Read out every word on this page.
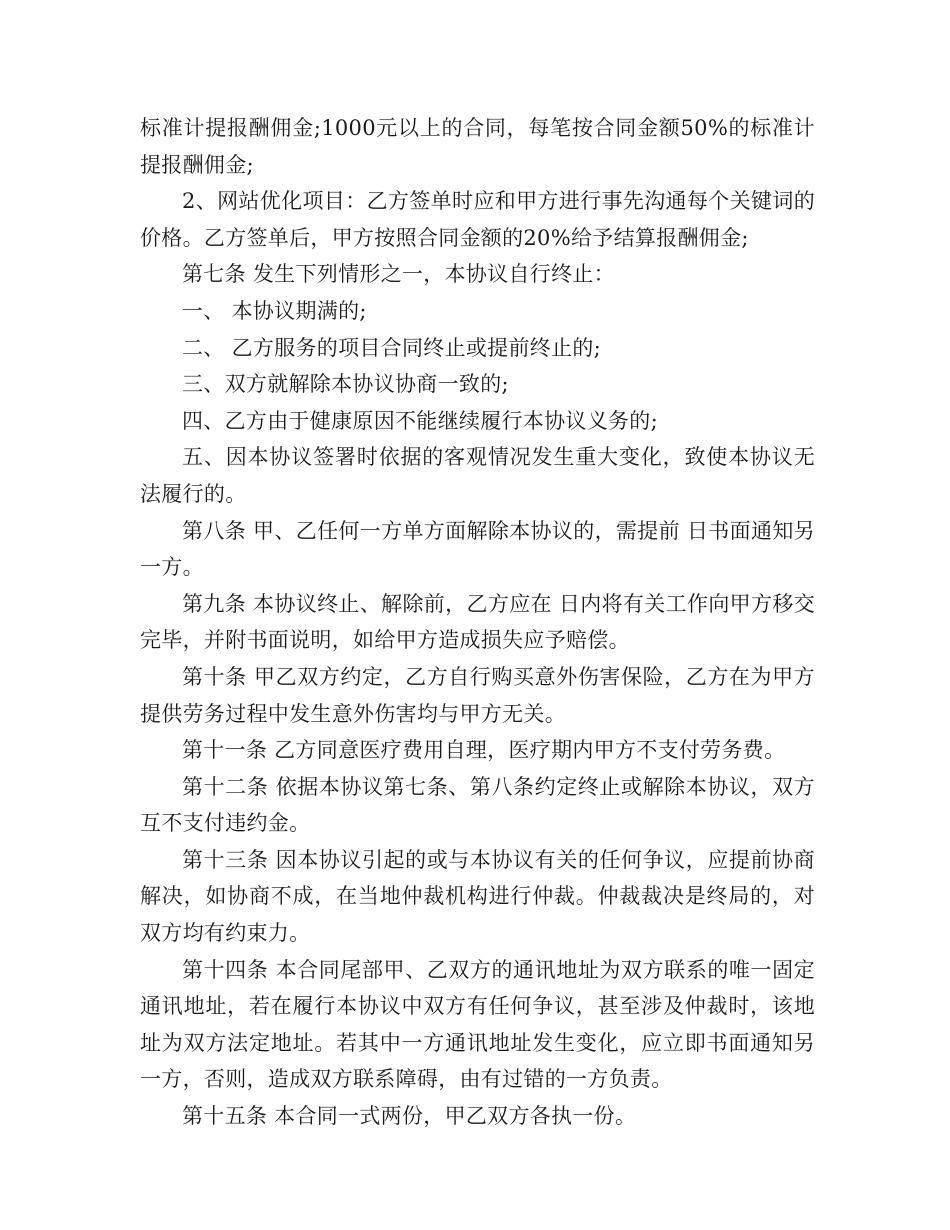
标准计提报酬佣金;1000元以上的合同，每笔按合同金额50%的标准计提报酬佣金;

2、网站优化项目：乙方签单时应和甲方进行事先沟通每个关键词的价格。乙方签单后，甲方按照合同金额的20%给予结算报酬佣金;

第七条 发生下列情形之一，本协议自行终止：

一、 本协议期满的;

二、 乙方服务的项目合同终止或提前终止的;

三、双方就解除本协议协商一致的;

四、乙方由于健康原因不能继续履行本协议义务的;

五、因本协议签署时依据的客观情况发生重大变化，致使本协议无法履行的。

第八条 甲、乙任何一方单方面解除本协议的，需提前 日书面通知另一方。

第九条 本协议终止、解除前，乙方应在 日内将有关工作向甲方移交完毕，并附书面说明，如给甲方造成损失应予赔偿。

第十条 甲乙双方约定，乙方自行购买意外伤害保险，乙方在为甲方提供劳务过程中发生意外伤害均与甲方无关。

第十一条 乙方同意医疗费用自理，医疗期内甲方不支付劳务费。

第十二条 依据本协议第七条、第八条约定终止或解除本协议，双方互不支付违约金。

第十三条 因本协议引起的或与本协议有关的任何争议，应提前协商解决，如协商不成，在当地仲裁机构进行仲裁。仲裁裁决是终局的，对双方均有约束力。

第十四条 本合同尾部甲、乙双方的通讯地址为双方联系的唯一固定通讯地址，若在履行本协议中双方有任何争议，甚至涉及仲裁时，该地址为双方法定地址。若其中一方通讯地址发生变化，应立即书面通知另一方，否则，造成双方联系障碍，由有过错的一方负责。

第十五条 本合同一式两份，甲乙双方各执一份。
